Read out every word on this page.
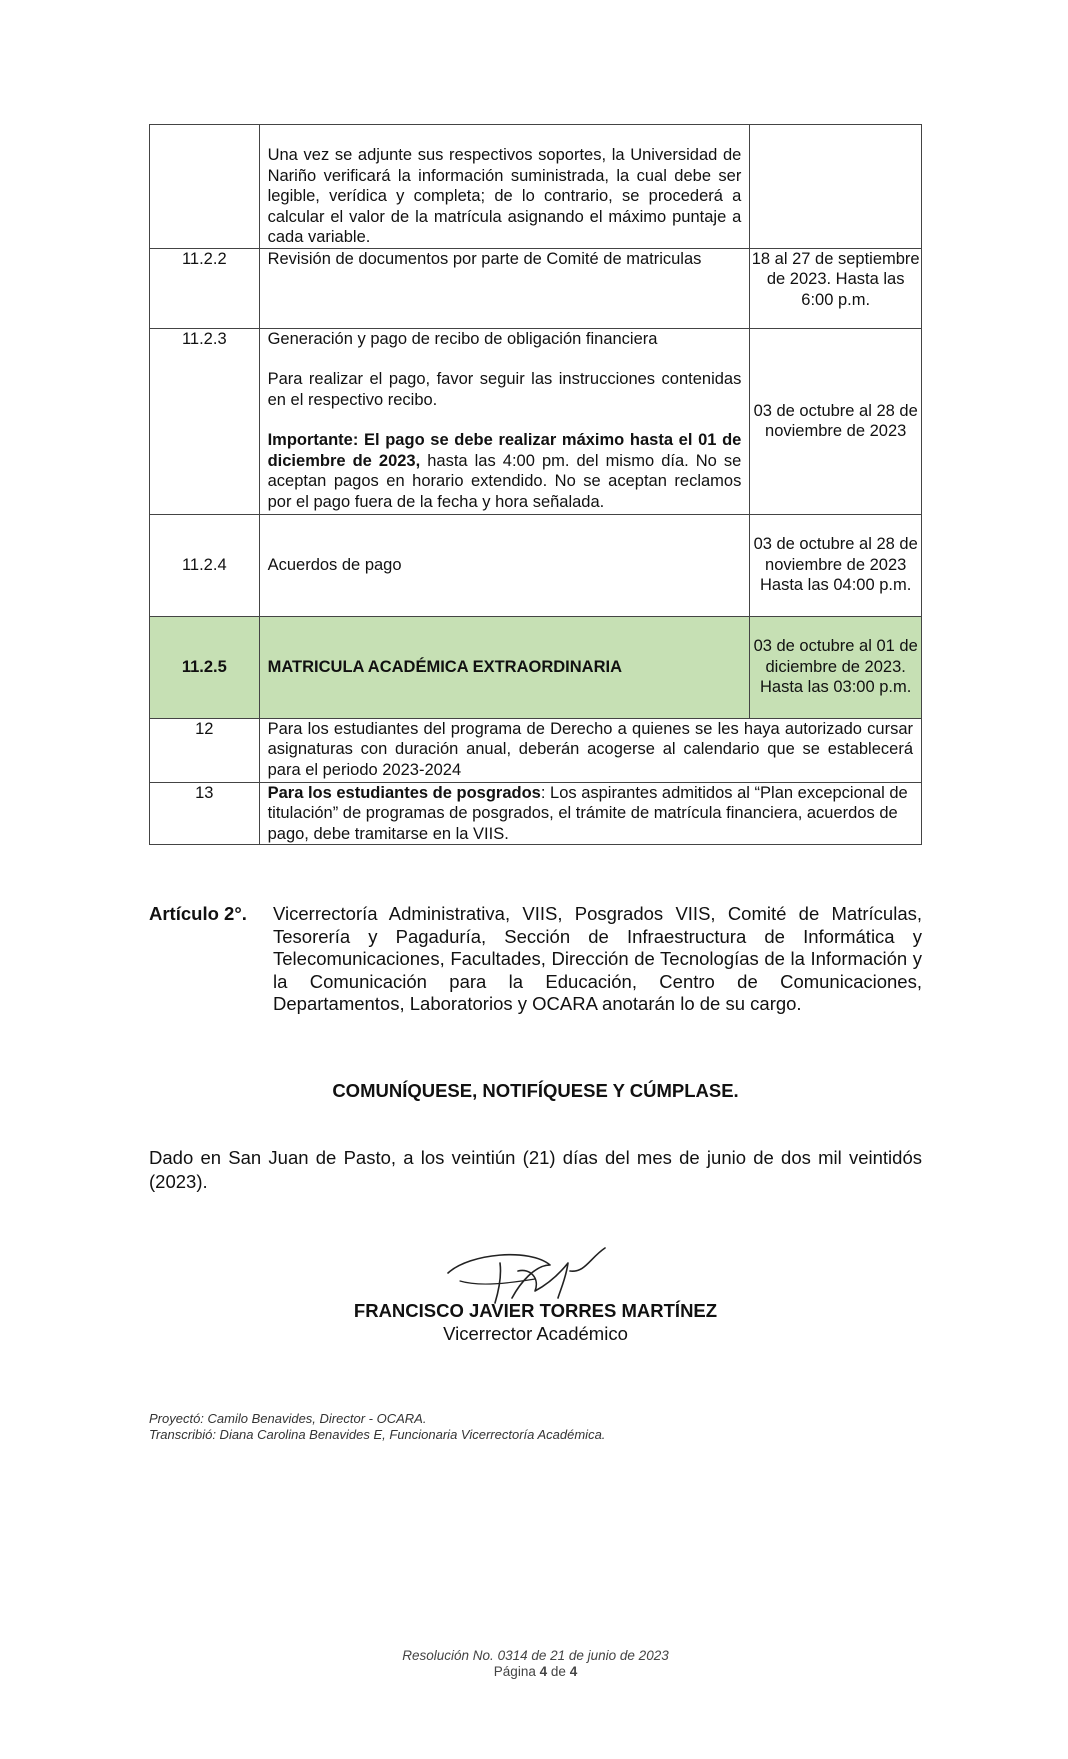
	Una vez se adjunte sus respectivos soportes, la Universidad de Nariño verificará la información suministrada, la cual debe ser legible, verídica y completa; de lo contrario, se procederá a calcular el valor de la matrícula asignando el máximo puntaje a cada variable.	
11.2.2	Revisión de documentos por parte de Comité de matriculas	18 al 27 de septiembre de 2023. Hasta las 6:00 p.m.
11.2.3	Generación y pago de recibo de obligación financiera
Para realizar el pago, favor seguir las instrucciones contenidas en el respectivo recibo.
Importante: El pago se debe realizar máximo hasta el 01 de diciembre de 2023, hasta las 4:00 pm. del mismo día. No se aceptan pagos en horario extendido. No se aceptan reclamos por el pago fuera de la fecha y hora señalada.	03 de octubre al 28 de noviembre de 2023
11.2.4	Acuerdos de pago	03 de octubre al 28 de noviembre de 2023
Hasta las 04:00 p.m.

11.2.5	MATRICULA ACADÉMICA EXTRAORDINARIA	03 de octubre al 01 de diciembre de 2023.
Hasta las 03:00 p.m.

12	Para los estudiantes del programa de Derecho a quienes se les haya autorizado cursar asignaturas con duración anual, deberán acogerse al calendario que se establecerá para el periodo 2023-2024	
13	Para los estudiantes de posgrados: Los aspirantes admitidos al “Plan excepcional de titulación” de programas de posgrados, el trámite de matrícula financiera, acuerdos de pago, debe tramitarse en la VIIS.	
Artículo 2°. Vicerrectoría Administrativa, VIIS, Posgrados VIIS, Comité de Matrículas, Tesorería y Pagaduría, Sección de Infraestructura de Informática y Telecomunicaciones, Facultades, Dirección de Tecnologías de la Información y la Comunicación para la Educación, Centro de Comunicaciones, Departamentos, Laboratorios y OCARA anotarán lo de su cargo.
COMUNÍQUESE, NOTIFÍQUESE Y CÚMPLASE.
Dado en San Juan de Pasto, a los veintiún (21) días del mes de junio de dos mil veintidós (2023).
FRANCISCO JAVIER TORRES MARTÍNEZ
Vicerrector Académico
Proyectó: Camilo Benavides, Director - OCARA.
Transcribió: Diana Carolina Benavides E, Funcionaria Vicerrectoría Académica.
Resolución No. 0314 de 21 de junio de 2023
Página 4 de 4
